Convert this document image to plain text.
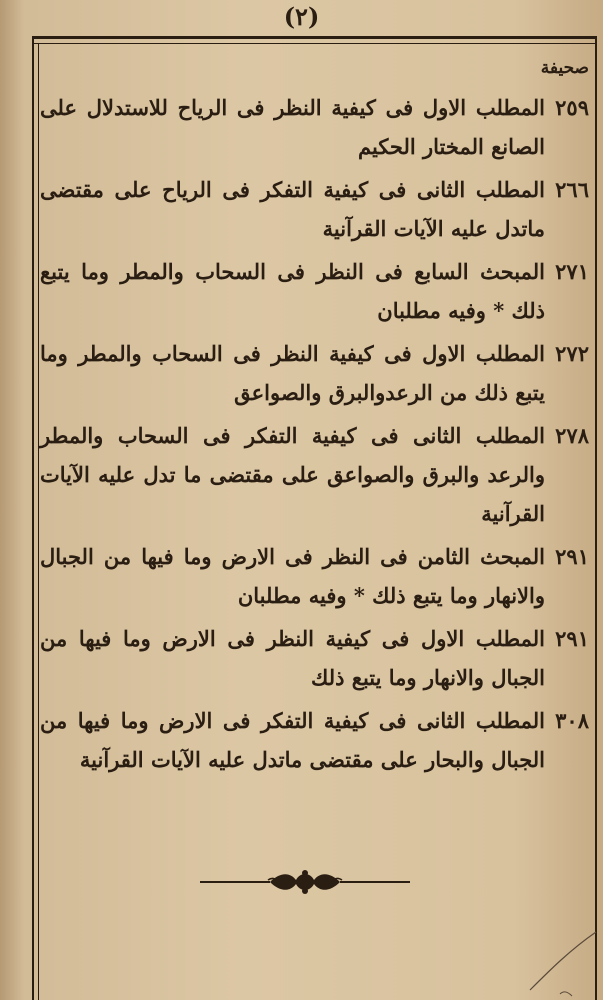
(٢)
صحيفة
٢٥٩
المطلب الاول فى كيفية النظر فى الرياح للاستدلال على الصانع المختار الحكيم
٢٦٦
المطلب الثانى فى كيفية التفكر فى الرياح على مقتضى ماتدل عليه الآيات القرآنية
٢٧١
المبحث السابع فى النظر فى السحاب والمطر وما يتبع ذلك * وفيه مطلبان
٢٧٢
المطلب الاول فى كيفية النظر فى السحاب والمطر وما يتبع ذلك من الرعدوالبرق والصواعق
٢٧٨
المطلب الثانى فى كيفية التفكر فى السحاب والمطر والرعد والبرق والصواعق على مقتضى ما تدل عليه الآيات القرآنية
٢٩١
المبحث الثامن فى النظر فى الارض وما فيها من الجبال والانهار وما يتبع ذلك * وفيه مطلبان
٢٩١
المطلب الاول فى كيفية النظر فى الارض وما فيها من الجبال والانهار وما يتبع ذلك
٣٠٨
المطلب الثانى فى كيفية التفكر فى الارض وما فيها من الجبال والبحار على مقتضى ماتدل عليه الآيات القرآنية
